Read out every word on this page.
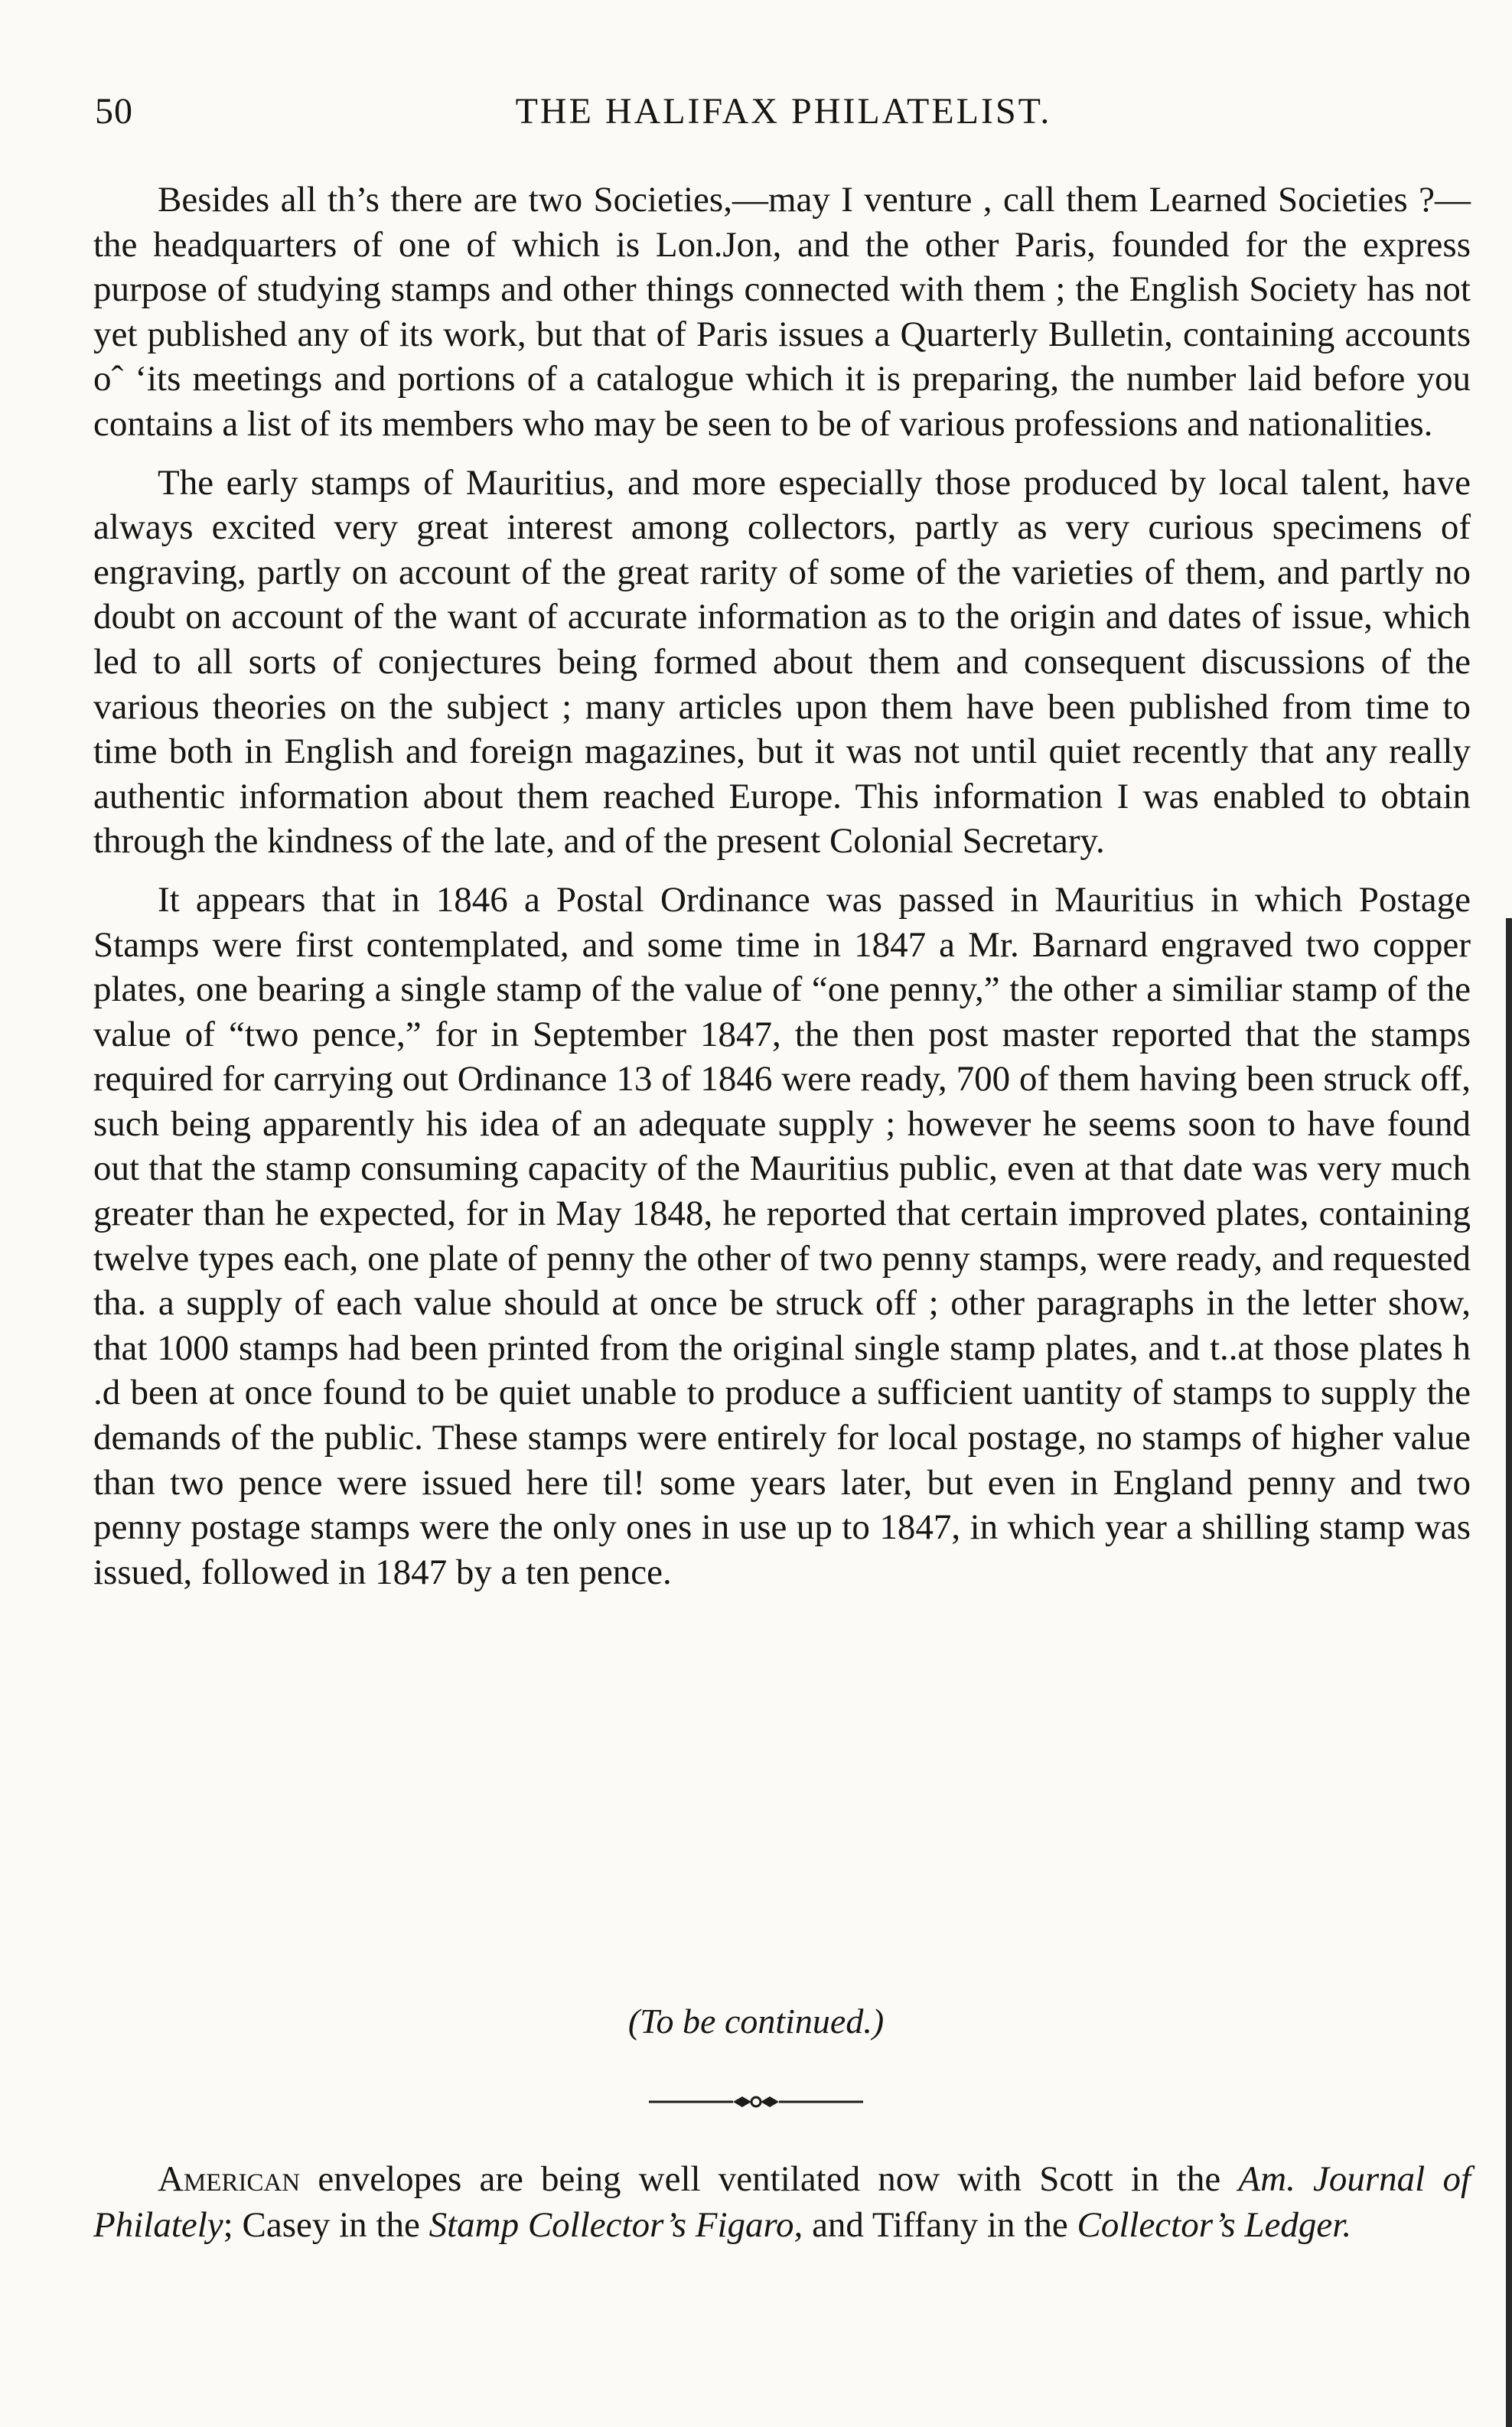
50	THE HALIFAX PHILATELIST.

Besides all th’s there are two Societies,—may I venture , call them Learned Societies ?—the headquarters of one of which is Lon.Jon, and the other Paris, founded for the express purpose of studying stamps and other things connected with them ; the English Society has not yet published any of its work, but that of Paris issues a Quarterly Bulletin, containing accounts oˆ ‘its meetings and portions of a catalogue which it is preparing, the number laid before you contains a list of its members who may be seen to be of various professions and nationalities.

The early stamps of Mauritius, and more especially those produced by local talent, have always excited very great interest among collectors, partly as very curious specimens of engraving, partly on account of the great rarity of some of the varieties of them, and partly no doubt on account of the want of accurate information as to the origin and dates of issue, which led to all sorts of conjectures being formed about them and consequent discussions of the various theories on the subject ; many articles upon them have been published from time to time both in English and foreign magazines, but it was not until quiet recently that any really authentic information about them reached Europe. This information I was enabled to obtain through the kindness of the late, and of the present Colonial Secretary.

It appears that in 1846 a Postal Ordinance was passed in Mauritius in which Postage Stamps were first contemplated, and some time in 1847 a Mr. Barnard engraved two copper plates, one bearing a single stamp of the value of “one penny,” the other a similiar stamp of the value of “two pence,” for in September 1847, the then post master reported that the stamps required for carrying out Ordinance 13 of 1846 were ready, 700 of them having been struck off, such being apparently his idea of an adequate supply ; however he seems soon to have found out that the stamp consuming capacity of the Mauritius public, even at that date was very much greater than he expected, for in May 1848, he reported that certain improved plates, containing twelve types each, one plate of penny the other of two penny stamps, were ready, and requested tha. a supply of each value should at once be struck off ; other paragraphs in the letter show, that 1000 stamps had been printed from the original single stamp plates, and t..at those plates h .d been at once found to be quiet unable to produce a sufficient uantity of stamps to supply the demands of the public. These stamps were entirely for local postage, no stamps of higher value than two pence were issued here til! some years later, but even in England penny and two penny postage stamps were the only ones in use up to 1847, in which year a shilling stamp was issued, followed in 1847 by a ten pence.

(To be continued.)

American envelopes are being well ventilated now with Scott in the Am. Journal of Philately; Casey in the Stamp Collector’s Figaro, and Tiffany in the Collector’s Ledger.
